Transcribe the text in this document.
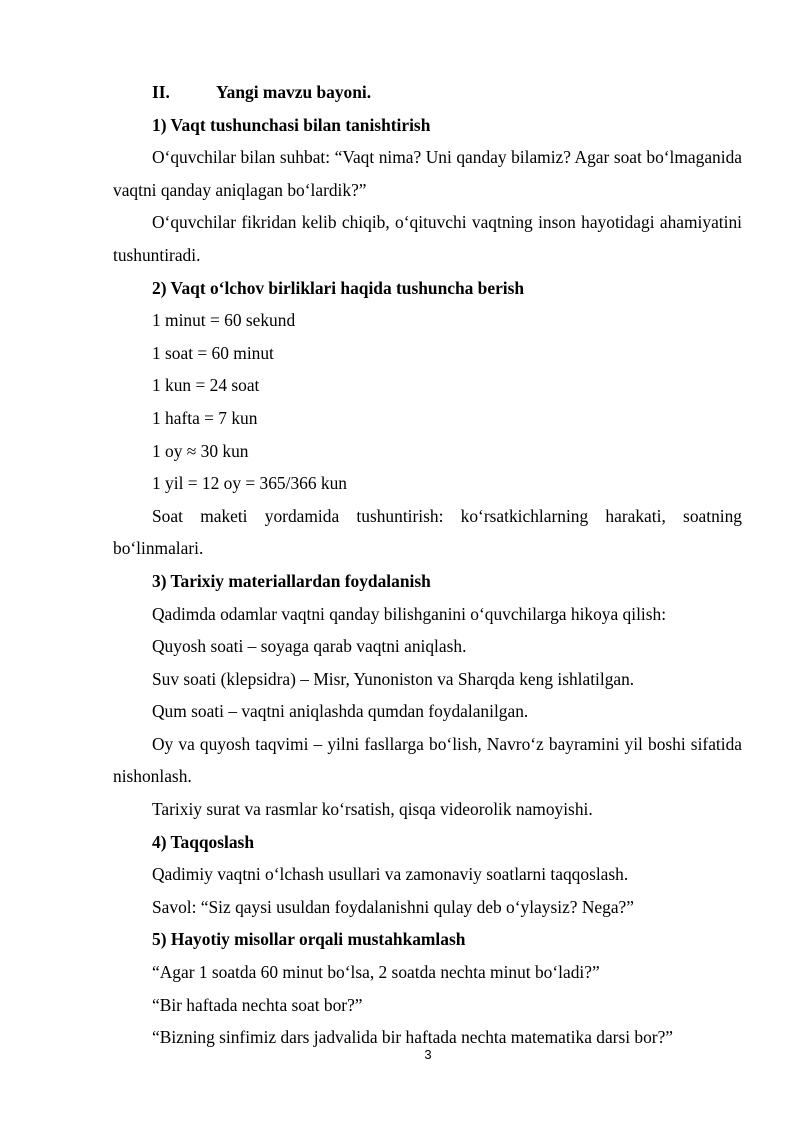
II.	Yangi mavzu bayoni.

1) Vaqt tushunchasi bilan tanishtirish

O‘quvchilar bilan suhbat: “Vaqt nima? Uni qanday bilamiz? Agar soat bo‘lmaganida vaqtni qanday aniqlagan bo‘lardik?”

O‘quvchilar fikridan kelib chiqib, o‘qituvchi vaqtning inson hayotidagi ahamiyatini tushuntiradi.

2) Vaqt o‘lchov birliklari haqida tushuncha berish

1 minut = 60 sekund

1 soat = 60 minut

1 kun = 24 soat

1 hafta = 7 kun

1 oy ≈ 30 kun

1 yil = 12 oy = 365/366 kun

Soat maketi yordamida tushuntirish: ko‘rsatkichlarning harakati, soatning bo‘linmalari.

3) Tarixiy materiallardan foydalanish

Qadimda odamlar vaqtni qanday bilishganini o‘quvchilarga hikoya qilish:

Quyosh soati – soyaga qarab vaqtni aniqlash.

Suv soati (klepsidra) – Misr, Yunoniston va Sharqda keng ishlatilgan.

Qum soati – vaqtni aniqlashda qumdan foydalanilgan.

Oy va quyosh taqvimi – yilni fasllarga bo‘lish, Navro‘z bayramini yil boshi sifatida nishonlash.

Tarixiy surat va rasmlar ko‘rsatish, qisqa videorolik namoyishi.

4) Taqqoslash

Qadimiy vaqtni o‘lchash usullari va zamonaviy soatlarni taqqoslash.

Savol: “Siz qaysi usuldan foydalanishni qulay deb o‘ylaysiz? Nega?”

5) Hayotiy misollar orqali mustahkamlash

“Agar 1 soatda 60 minut bo‘lsa, 2 soatda nechta minut bo‘ladi?”

“Bir haftada nechta soat bor?”

“Bizning sinfimiz dars jadvalida bir haftada nechta matematika darsi bor?”

3
